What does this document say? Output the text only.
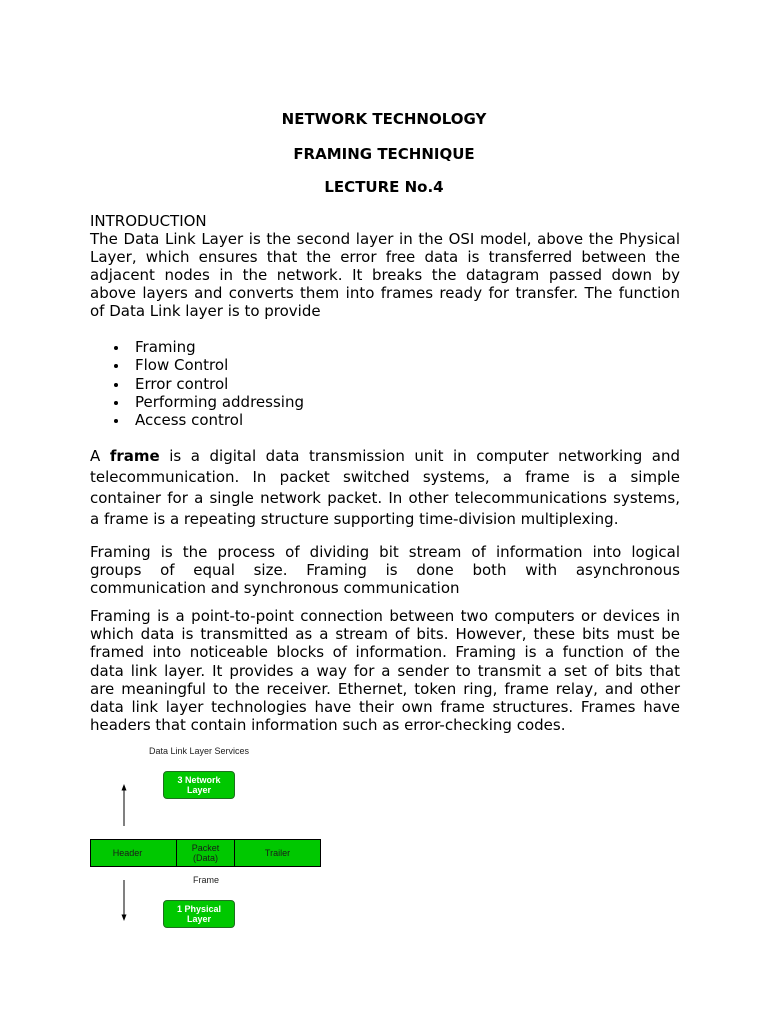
NETWORK TECHNOLOGY
FRAMING TECHNIQUE
LECTURE No.4
INTRODUCTION
The Data Link Layer is the second layer in the OSI model, above the Physical
Layer, which ensures that the error free data is transferred between the
adjacent nodes in the network. It breaks the datagram passed down by
above layers and converts them into frames ready for transfer. The function
of Data Link layer is to provide
Framing
Flow Control
Error control
Performing addressing
Access control
A frame is a digital data transmission unit in computer networking and
telecommunication. In packet switched systems, a frame is a simple
container for a single network packet. In other telecommunications systems,
a frame is a repeating structure supporting time-division multiplexing.
Framing is the process of dividing bit stream of information into logical
groups of equal size. Framing is done both with asynchronous
communication and synchronous communication
Framing is a point-to-point connection between two computers or devices in
which data is transmitted as a stream of bits. However, these bits must be
framed into noticeable blocks of information. Framing is a function of the
data link layer. It provides a way for a sender to transmit a set of bits that
are meaningful to the receiver. Ethernet, token ring, frame relay, and other
data link layer technologies have their own frame structures. Frames have
headers that contain information such as error-checking codes.
Data Link Layer Services
3 Network
Layer
Header	Packet
(Data)	Trailer
Frame
1 Physical
Layer
